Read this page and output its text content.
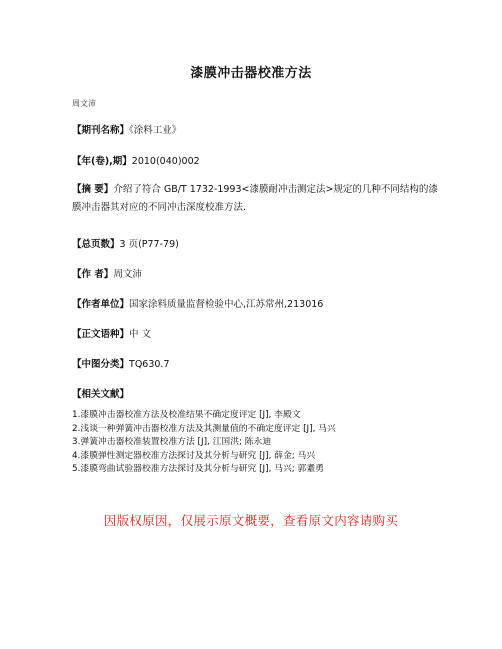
漆膜冲击器校准方法
周文沛
【期刊名称】《涂料工业》
【年(卷),期】2010(040)002
【摘 要】介绍了符合 GB/T 1732-1993<漆膜耐冲击测定法>规定的几种不同结构的漆膜冲击器其对应的不同冲击深度校准方法.
【总页数】3 页(P77-79)
【作 者】周文沛
【作者单位】国家涂料质量监督检验中心,江苏常州,213016
【正文语种】中 文
【中图分类】TQ630.7
【相关文献】
1.漆膜冲击器校准方法及校准结果不确定度评定 [J], 李殿文
2.浅谈一种弹簧冲击器校准方法及其测量值的不确定度评定 [J], 马兴
3.弹簧冲击器校准装置校准方法 [J], 江国洪; 陈永迪
4.漆膜弹性测定器校准方法探讨及其分析与研究 [J], 薛金; 马兴
5.漆膜弯曲试验器校准方法探讨及其分析与研究 [J], 马兴; 郭耋勇
因版权原因，仅展示原文概要，查看原文内容请购买
